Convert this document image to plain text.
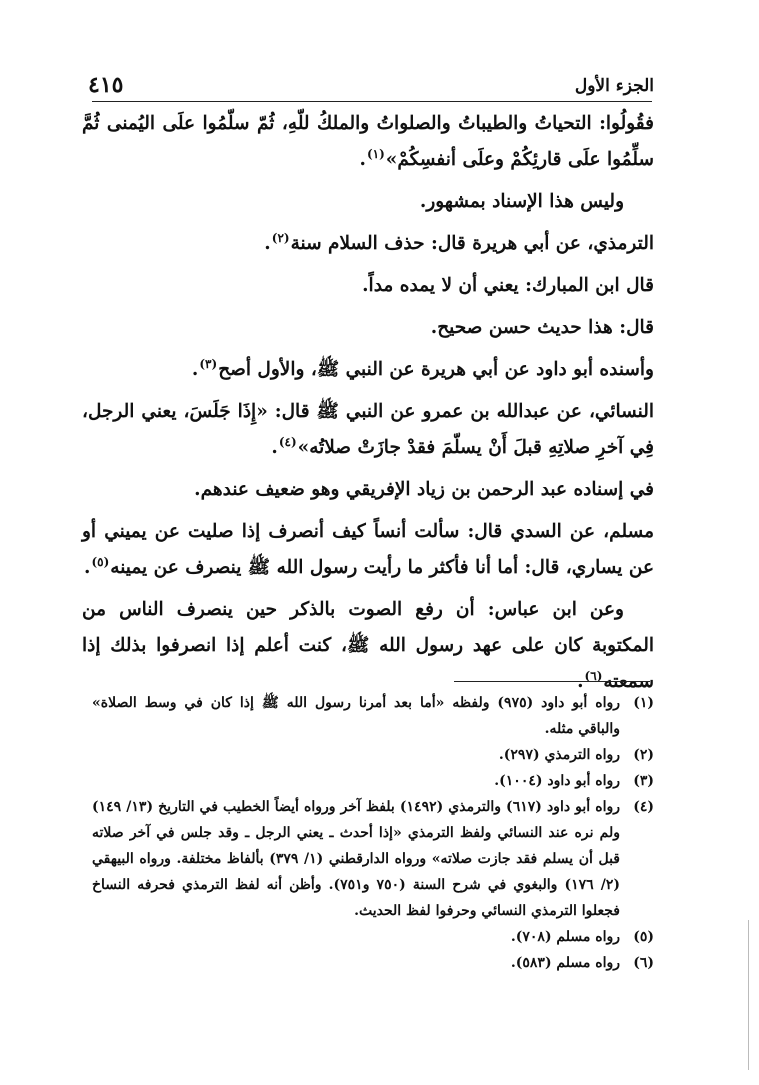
الجزء الأول
٤١٥

فقُولُوا: التحياتُ والطيباتُ والصلواتُ والملكُ للّهِ، ثُمّ سلّمُوا علَى اليُمنى ثُمَّ سلِّمُوا علَى قارئِكُمْ وعلَى أنفسِكُمْ»$^{(١)}$.

وليس هذا الإسناد بمشهور.

الترمذي، عن أبي هريرة قال: حذف السلام سنة$^{(٢)}$.

قال ابن المبارك: يعني أن لا يمده مداً.

قال: هذا حديث حسن صحيح.

وأسنده أبو داود عن أبي هريرة عن النبي ﷺ، والأول أصح$^{(٣)}$.

النسائي، عن عبدالله بن عمرو عن النبي ﷺ قال: «إِذَا جَلَسَ، يعني الرجل، فِي آخرِ صلاتِهِ قبلَ أَنْ يسلّمَ فقدْ جازَتْ صلاتُه»$^{(٤)}$.

في إسناده عبد الرحمن بن زياد الإفريقي وهو ضعيف عندهم.

مسلم، عن السدي قال: سألت أنساً كيف أنصرف إذا صليت عن يميني أو عن يساري، قال: أما أنا فأكثر ما رأيت رسول الله ﷺ ينصرف عن يمينه$^{(٥)}$.

وعن ابن عباس: أن رفع الصوت بالذكر حين ينصرف الناس من المكتوبة كان على عهد رسول الله ﷺ، كنت أعلم إذا انصرفوا بذلك إذا سمعته$^{(٦)}$.

(١)
رواه أبو داود (٩٧٥) ولفظه «أما بعد أمرنا رسول الله ﷺ إذا كان في وسط الصلاة» والباقي مثله.
(٢)
رواه الترمذي (٢٩٧).
(٣)
رواه أبو داود (١٠٠٤).
(٤)
رواه أبو داود (٦١٧) والترمذي (١٤٩٢) بلفظ آخر ورواه أيضاً الخطيب في التاريخ (١٣/ ١٤٩) ولم نره عند النسائي ولفظ الترمذي «إذا أحدث ـ يعني الرجل ـ وقد جلس في آخر صلاته قبل أن يسلم فقد جازت صلاته» ورواه الدارقطني (١/ ٣٧٩) بألفاظ مختلفة. ورواه البيهقي (٢/ ١٧٦) والبغوي في شرح السنة (٧٥٠ و٧٥١). وأظن أنه لفظ الترمذي فحرفه النساخ فجعلوا الترمذي النسائي وحرفوا لفظ الحديث.
(٥)
رواه مسلم (٧٠٨).
(٦)
رواه مسلم (٥٨٣).
